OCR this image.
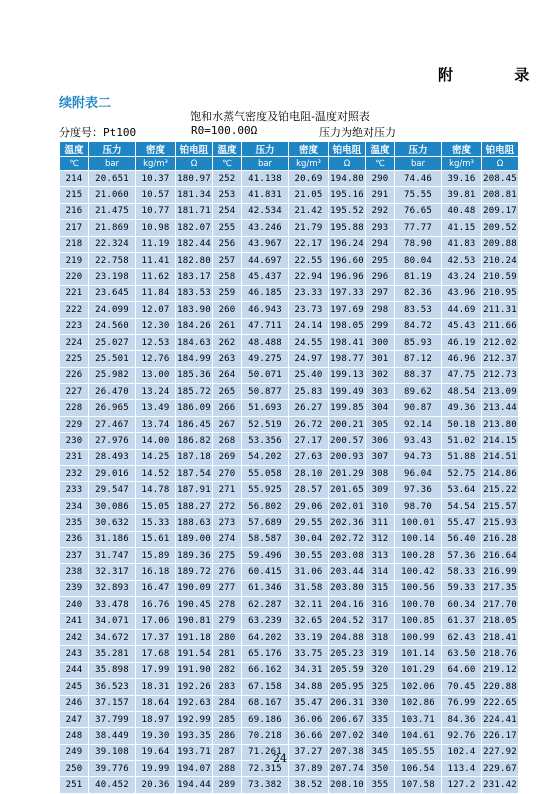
附 录
续附表二
饱和水蒸气密度及铂电阻-温度对照表
分度号：Pt100	R0=100.00Ω	压力为绝对压力
温度	压力	密度	铂电阻	温度	压力	密度	铂电阻	温度	压力	密度	铂电阻
℃	bar	kg/m³	Ω	℃	bar	kg/m³	Ω	℃	bar	kg/m³	Ω
214	20.651	10.37	180.97	252	41.138	20.69	194.80	290	74.46	39.16	208.45
215	21.060	10.57	181.34	253	41.831	21.05	195.16	291	75.55	39.81	208.81
216	21.475	10.77	181.71	254	42.534	21.42	195.52	292	76.65	40.48	209.17
217	21.869	10.98	182.07	255	43.246	21.79	195.88	293	77.77	41.15	209.52
218	22.324	11.19	182.44	256	43.967	22.17	196.24	294	78.90	41.83	209.88
219	22.758	11.41	182.80	257	44.697	22.55	196.60	295	80.04	42.53	210.24
220	23.198	11.62	183.17	258	45.437	22.94	196.96	296	81.19	43.24	210.59
221	23.645	11.84	183.53	259	46.185	23.33	197.33	297	82.36	43.96	210.95
222	24.099	12.07	183.90	260	46.943	23.73	197.69	298	83.53	44.69	211.31
223	24.560	12.30	184.26	261	47.711	24.14	198.05	299	84.72	45.43	211.66
224	25.027	12.53	184.63	262	48.488	24.55	198.41	300	85.93	46.19	212.02
225	25.501	12.76	184.99	263	49.275	24.97	198.77	301	87.12	46.96	212.37
226	25.982	13.00	185.36	264	50.071	25.40	199.13	302	88.37	47.75	212.73
227	26.470	13.24	185.72	265	50.877	25.83	199.49	303	89.62	48.54	213.09
228	26.965	13.49	186.09	266	51.693	26.27	199.85	304	90.87	49.36	213.44
229	27.467	13.74	186.45	267	52.519	26.72	200.21	305	92.14	50.18	213.80
230	27.976	14.00	186.82	268	53.356	27.17	200.57	306	93.43	51.02	214.15
231	28.493	14.25	187.18	269	54.202	27.63	200.93	307	94.73	51.88	214.51
232	29.016	14.52	187.54	270	55.058	28.10	201.29	308	96.04	52.75	214.86
233	29.547	14.78	187.91	271	55.925	28.57	201.65	309	97.36	53.64	215.22
234	30.086	15.05	188.27	272	56.802	29.06	202.01	310	98.70	54.54	215.57
235	30.632	15.33	188.63	273	57.689	29.55	202.36	311	100.01	55.47	215.93
236	31.186	15.61	189.00	274	58.587	30.04	202.72	312	100.14	56.40	216.28
237	31.747	15.89	189.36	275	59.496	30.55	203.08	313	100.28	57.36	216.64
238	32.317	16.18	189.72	276	60.415	31.06	203.44	314	100.42	58.33	216.99
239	32.893	16.47	190.09	277	61.346	31.58	203.80	315	100.56	59.33	217.35
240	33.478	16.76	190.45	278	62.287	32.11	204.16	316	100.70	60.34	217.70
241	34.071	17.06	190.81	279	63.239	32.65	204.52	317	100.85	61.37	218.05
242	34.672	17.37	191.18	280	64.202	33.19	204.88	318	100.99	62.43	218.41
243	35.281	17.68	191.54	281	65.176	33.75	205.23	319	101.14	63.50	218.76
244	35.898	17.99	191.90	282	66.162	34.31	205.59	320	101.29	64.60	219.12
245	36.523	18.31	192.26	283	67.158	34.88	205.95	325	102.06	70.45	220.88
246	37.157	18.64	192.63	284	68.167	35.47	206.31	330	102.86	76.99	222.65
247	37.799	18.97	192.99	285	69.186	36.06	206.67	335	103.71	84.36	224.41
248	38.449	19.30	193.35	286	70.218	36.66	207.02	340	104.61	92.76	226.17
249	39.108	19.64	193.71	287	71.261	37.27	207.38	345	105.55	102.4	227.92
250	39.776	19.99	194.07	288	72.315	37.89	207.74	350	106.54	113.4	229.67
251	40.452	20.36	194.44	289	73.382	38.52	208.10	355	107.58	127.2	231.42
24
